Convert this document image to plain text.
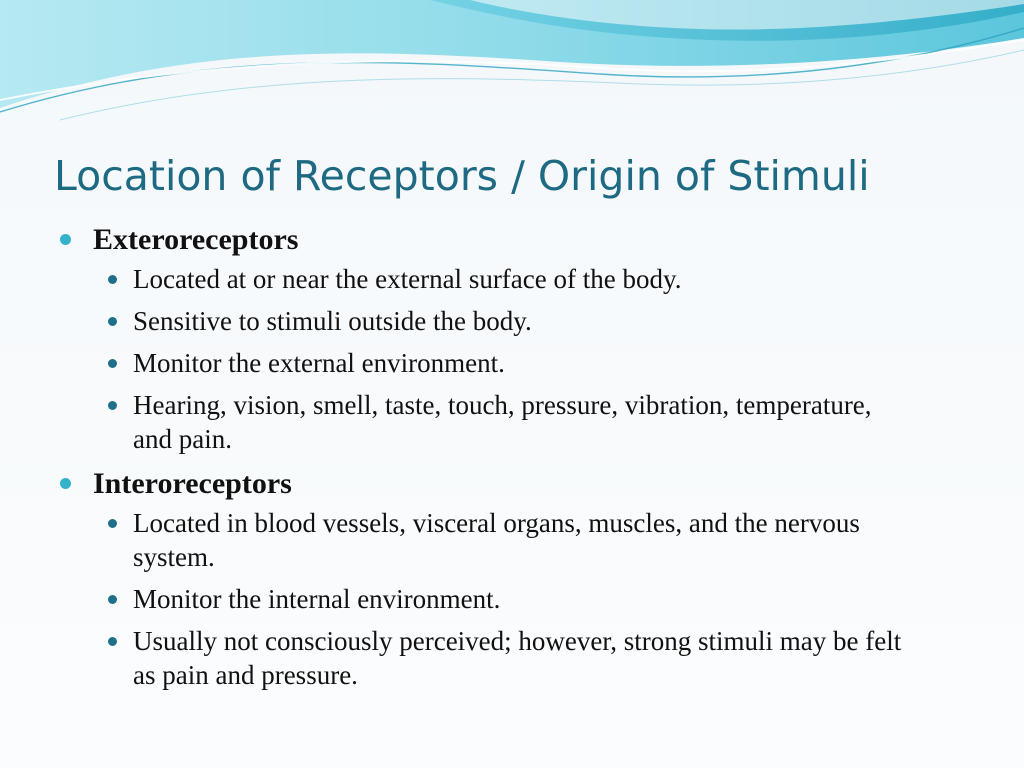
Location of Receptors / Origin of Stimuli
Exteroreceptors
Located at or near the external surface of the body.
Sensitive to stimuli outside the body.
Monitor the external environment.
Hearing, vision, smell, taste, touch, pressure, vibration, temperature, and pain.
Interoreceptors
Located in blood vessels, visceral organs, muscles, and the nervous system.
Monitor the internal environment.
Usually not consciously perceived; however, strong stimuli may be felt as pain and pressure.
